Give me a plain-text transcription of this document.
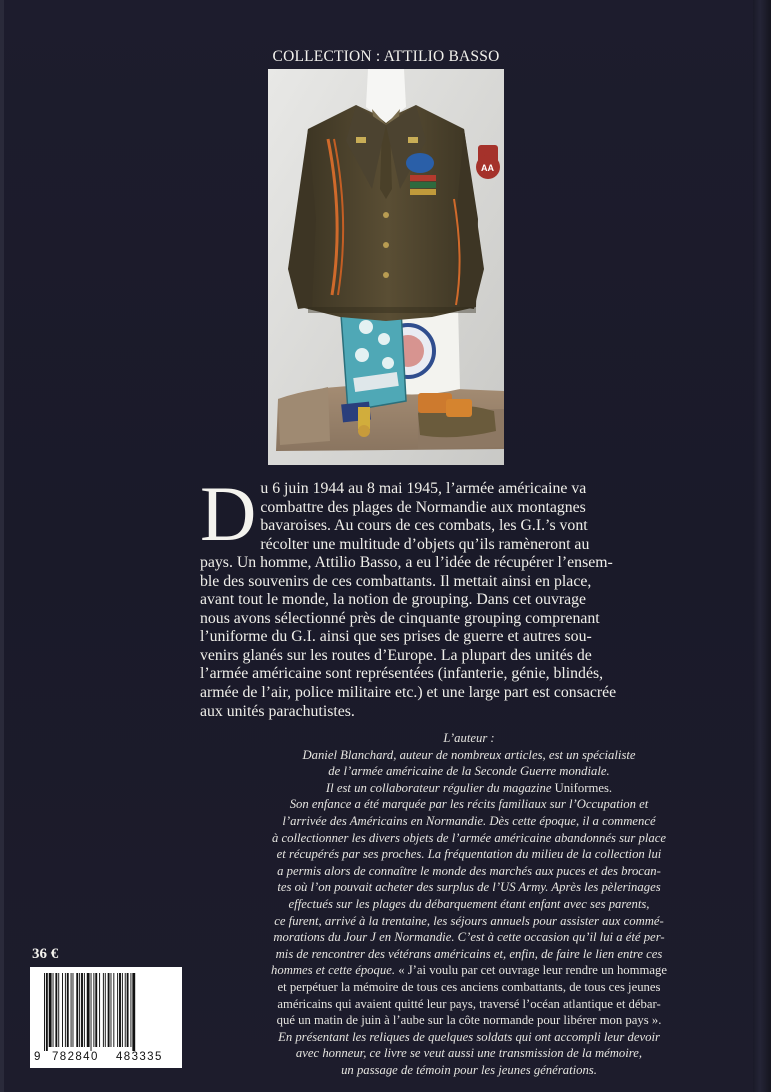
COLLECTION : ATTILIO BASSO
AA
D u 6 juin 1944 au 8 mai 1945, l’armée américaine va
combattre des plages de Normandie aux montagnes
bavaroises. Au cours de ces combats, les G.I.’s vont
récolter une multitude d’objets qu’ils ramèneront au
pays. Un homme, Attilio Basso, a eu l’idée de récupérer l’ensem-
ble des souvenirs de ces combattants. Il mettait ainsi en place,
avant tout le monde, la notion de grouping. Dans cet ouvrage
nous avons sélectionné près de cinquante grouping comprenant
l’uniforme du G.I. ainsi que ses prises de guerre et autres sou-
venirs glanés sur les routes d’Europe. La plupart des unités de
l’armée américaine sont représentées (infanterie, génie, blindés,
armée de l’air, police militaire etc.) et une large part est consacrée
aux unités parachutistes.
L’auteur :
Daniel Blanchard, auteur de nombreux articles, est un spécialiste
de l’armée américaine de la Seconde Guerre mondiale.
Il est un collaborateur régulier du magazine Uniformes.
Son enfance a été marquée par les récits familiaux sur l’Occupation et
l’arrivée des Américains en Normandie. Dès cette époque, il a commencé
à collectionner les divers objets de l’armée américaine abandonnés sur place
et récupérés par ses proches. La fréquentation du milieu de la collection lui
a permis alors de connaître le monde des marchés aux puces et des brocan-
tes où l’on pouvait acheter des surplus de l’US Army. Après les pèlerinages
effectués sur les plages du débarquement étant enfant avec ses parents,
ce furent, arrivé à la trentaine, les séjours annuels pour assister aux commé-
morations du Jour J en Normandie. C’est à cette occasion qu’il lui a été per-
mis de rencontrer des vétérans américains et, enfin, de faire le lien entre ces
hommes et cette époque. « J’ai voulu par cet ouvrage leur rendre un hommage
et perpétuer la mémoire de tous ces anciens combattants, de tous ces jeunes
américains qui avaient quitté leur pays, traversé l’océan atlantique et débar-
qué un matin de juin à l’aube sur la côte normande pour libérer mon pays ».
En présentant les reliques de quelques soldats qui ont accompli leur devoir
avec honneur, ce livre se veut aussi une transmission de la mémoire,
un passage de témoin pour les jeunes générations.
36 €
9 782840 483335
